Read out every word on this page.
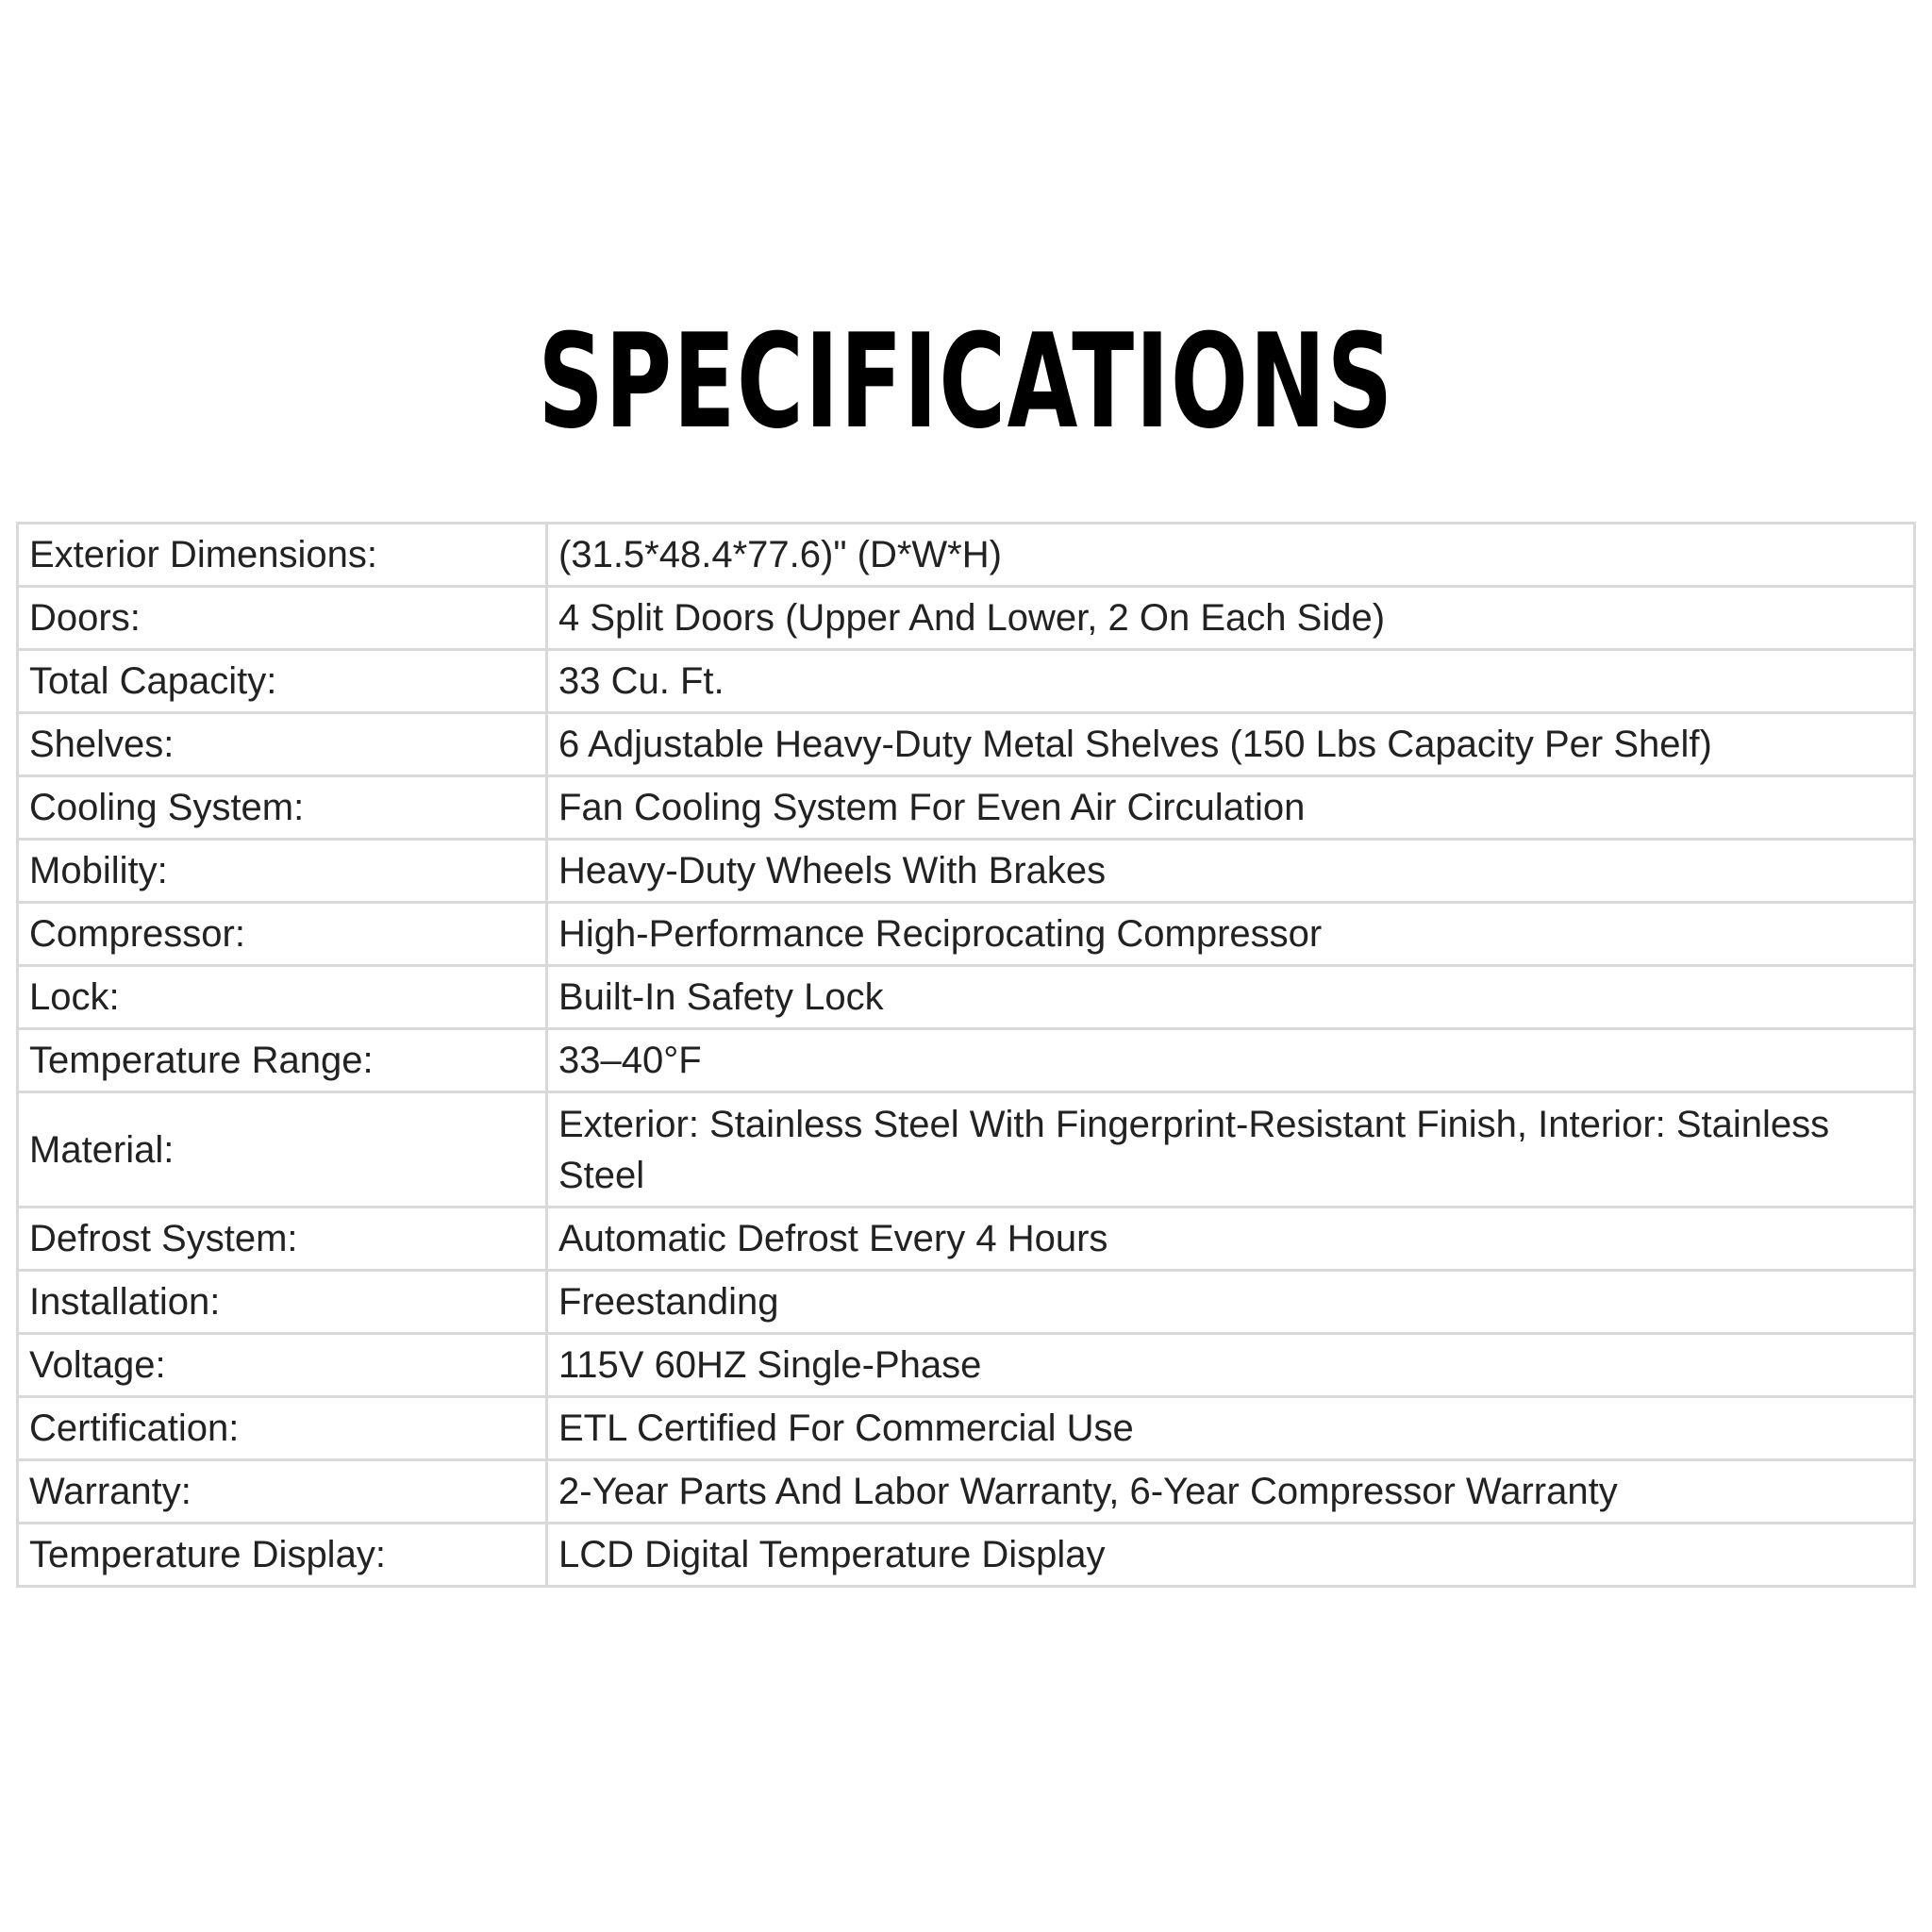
SPECIFICATIONS
Exterior Dimensions:	(31.5*48.4*77.6)" (D*W*H)
Doors:	4 Split Doors (Upper And Lower, 2 On Each Side)
Total Capacity:	33 Cu. Ft.
Shelves:	6 Adjustable Heavy-Duty Metal Shelves (150 Lbs Capacity Per Shelf)
Cooling System:	Fan Cooling System For Even Air Circulation
Mobility:	Heavy-Duty Wheels With Brakes
Compressor:	High-Performance Reciprocating Compressor
Lock:	Built-In Safety Lock
Temperature Range:	33–40°F
Material:	Exterior: Stainless Steel With Fingerprint-Resistant Finish, Interior: Stainless Steel
Defrost System:	Automatic Defrost Every 4 Hours
Installation:	Freestanding
Voltage:	115V 60HZ Single-Phase
Certification:	ETL Certified For Commercial Use
Warranty:	2-Year Parts And Labor Warranty, 6-Year Compressor Warranty
Temperature Display:	LCD Digital Temperature Display
